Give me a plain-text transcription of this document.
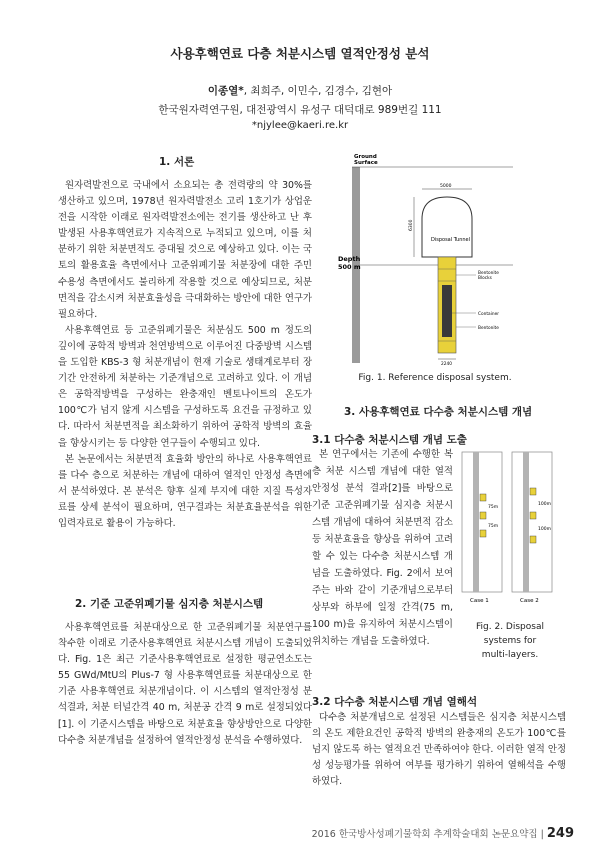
사용후핵연료 다층 처분시스템 열적안정성 분석
이종열*, 최희주, 이민수, 김경수, 김현아
한국원자력연구원, 대전광역시 유성구 대덕대로 989번길 111
*njylee@kaeri.re.kr
1. 서론

원자력발전으로 국내에서 소요되는 총 전력량의 약 30%를 생산하고 있으며, 1978년 원자력발전소 고리 1호기가 상업운전을 시작한 이래로 원자력발전소에는 전기를 생산하고 난 후 발생된 사용후핵연료가 지속적으로 누적되고 있으며, 이를 처분하기 위한 처분면적도 증대될 것으로 예상하고 있다. 이는 국토의 활용효율 측면에서나 고준위폐기물 처분장에 대한 주민 수용성 측면에서도 불리하게 작용할 것으로 예상되므로, 처분면적을 감소시켜 처분효율성을 극대화하는 방안에 대한 연구가 필요하다.

사용후핵연료 등 고준위폐기물은 처분심도 500 m 정도의 깊이에 공학적 방벽과 천연방벽으로 이루어진 다중방벽 시스템을 도입한 KBS-3 형 처분개념이 현재 기술로 생태계로부터 장기간 안전하게 처분하는 기준개념으로 고려하고 있다. 이 개념은 공학적방벽을 구성하는 완충재인 벤토나이트의 온도가 100℃가 넘지 않게 시스템을 구성하도록 요건을 규정하고 있다. 따라서 처분면적을 최소화하기 위하여 공학적 방벽의 효율을 향상시키는 등 다양한 연구들이 수행되고 있다.

본 논문에서는 처분면적 효율화 방안의 하나로 사용후핵연료를 다수 층으로 처분하는 개념에 대하여 열적인 안정성 측면에서 분석하였다. 본 분석은 향후 실제 부지에 대한 지질 특성자료를 상세 분석이 필요하며, 연구결과는 처분효율분석을 위한 입력자료로 활용이 가능하다.

2. 기준 고준위폐기물 심지층 처분시스템

사용후핵연료를 처분대상으로 한 고준위폐기물 처분연구를 착수한 이래로 기준사용후핵연료 처분시스템 개념이 도출되었다. Fig. 1은 최근 기준사용후핵연료로 설정한 평균연소도는 55 GWd/MtU의 Plus-7 형 사용후핵연료를 처분대상으로 한 기준 사용후핵연료 처분개념이다. 이 시스템의 열적안정성 분석결과, 처분 터널간격 40 m, 처분공 간격 9 m로 설정되었다[1]. 이 기준시스템을 바탕으로 처분효율 향상방안으로 다양한 다수층 처분개념을 설정하여 열적안정성 분석을 수행하였다.

Ground
Surface
Depth
500 m
Disposal Tunnel
5000
6300
Bentonite
Blocks
Container
Bentonite
2240
Fig. 1. Reference disposal system.
3. 사용후핵연료 다수층 처분시스템 개념
3.1 다수층 처분시스템 개념 도출

본 연구에서는 기존에 수행한 복층 처분 시스템 개념에 대한 열적 안정성 분석 결과[2]를 바탕으로 기준 고준위폐기물 심지층 처분시스템 개념에 대하여 처분면적 감소 등 처분효율을 향상을 위하여 고려할 수 있는 다수층 처분시스템 개념을 도출하였다. Fig. 2에서 보여주는 바와 같이 기준개념으로부터 상부와 하부에 일정 간격(75 m, 100 m)을 유지하여 처분시스템이 위치하는 개념을 도출하였다.

75m
75m
Case 1
100m
100m
Case 2
Fig. 2. Disposal
systems for
multi-layers.
3.2 다수층 처분시스템 개념 열해석

다수층 처분개념으로 설정된 시스템들은 심지층 처분시스템의 온도 제한요건인 공학적 방벽의 완충재의 온도가 100℃를 넘지 않도록 하는 열적요건 만족하여야 한다. 이러한 열적 안정성 성능평가를 위하여 여부를 평가하기 위하여 열해석을 수행하였다.

2016 한국방사성폐기물학회 추계학술대회 논문요약집 | 249
